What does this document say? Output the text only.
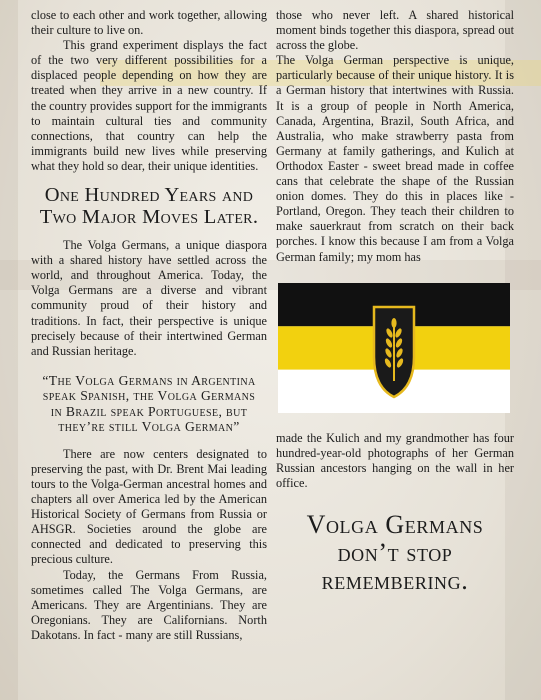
close to each other and work together, allowing their culture to live on.

This grand experiment displays the fact of the two very different possibilities for a displaced people depending on how they are treated when they arrive in a new country. If the country provides support for the immigrants to maintain cultural ties and community connections, that country can help the immigrants build new lives while preserving what they hold so dear, their unique identities.

One Hundred Years and Two Major Moves Later.

The Volga Germans, a unique diaspora with a shared history have settled across the world, and throughout America. Today, the Volga Germans are a diverse and vibrant community proud of their history and traditions. In fact, their perspective is unique precisely because of their intertwined German and Russian heritage.

“The Volga Germans in Argentina speak Spanish, the Volga Germans in Brazil speak Portuguese, but they’re still Volga German”

There are now centers designated to preserving the past, with Dr. Brent Mai leading tours to the Volga-German ancestral homes and chapters all over America led by the American Historical Society of Germans from Russia or AHSGR. Societies around the globe are connected and dedicated to preserving this precious culture.

Today, the Germans From Russia, sometimes called The Volga Germans, are Americans. They are Argentinians. They are Oregonians. They are Californians. North Dakotans. In fact - many are still Russians,

those who never left. A shared historical moment binds together this diaspora, spread out across the globe.

The Volga German perspective is unique, particularly because of their unique history. It is a German history that intertwines with Russia. It is a group of people in North America, Canada, Argentina, Brazil, South Africa, and Australia, who make strawberry pasta from Germany at family gatherings, and Kulich at Orthodox Easter - sweet bread made in coffee cans that celebrate the shape of the Russian onion domes. They do this in places like - Portland, Oregon. They teach their children to make sauerkraut from scratch on their back porches. I know this because I am from a Volga German family; my mom has

made the Kulich and my grandmother has four hundred-year-old photographs of her German Russian ancestors hanging on the wall in her office.

Volga Germans don’t stop remembering.
